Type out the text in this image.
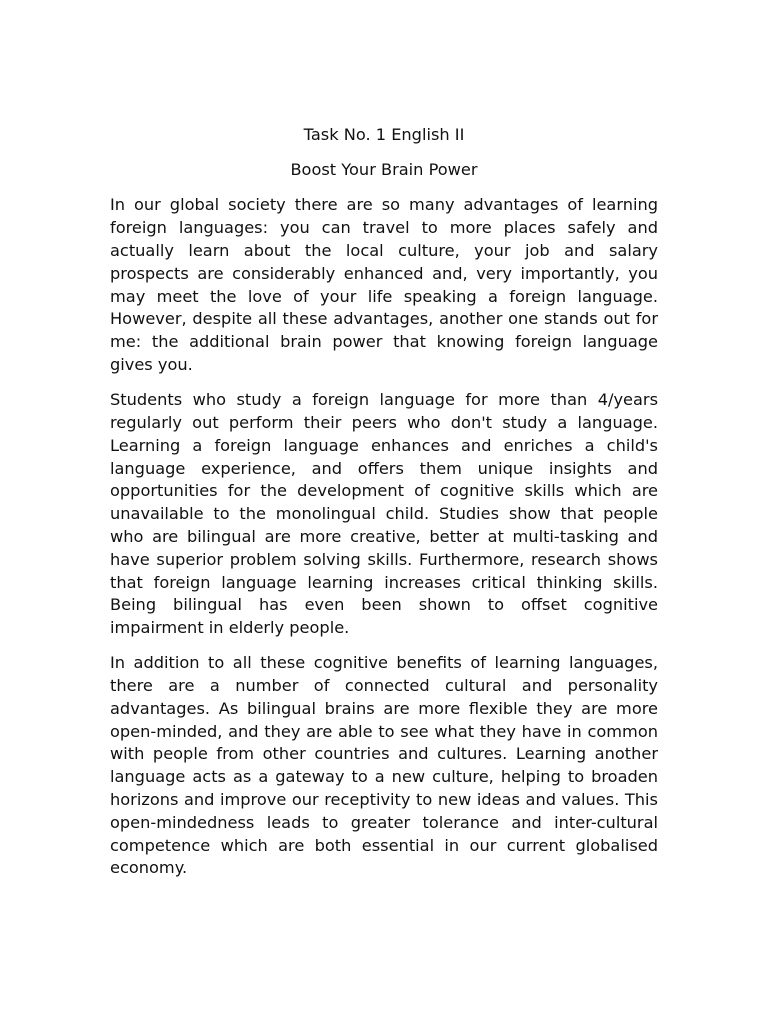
Task No. 1 English II

Boost Your Brain Power

In our global society there are so many advantages of learning foreign languages: you can travel to more places safely and actually learn about the local culture, your job and salary prospects are considerably enhanced and, very importantly, you may meet the love of your life speaking a foreign language. However, despite all these advantages, another one stands out for me: the additional brain power that knowing foreign language gives you.

Students who study a foreign language for more than 4/years regularly out perform their peers who don't study a language. Learning a foreign language enhances and enriches a child's language experience, and offers them unique insights and opportunities for the development of cognitive skills which are unavailable to the monolingual child. Studies show that people who are bilingual are more creative, better at multi-tasking and have superior problem solving skills. Furthermore, research shows that foreign language learning increases critical thinking skills. Being bilingual has even been shown to offset cognitive impairment in elderly people.

In addition to all these cognitive benefits of learning languages, there are a number of connected cultural and personality advantages. As bilingual brains are more flexible they are more open-minded, and they are able to see what they have in common with people from other countries and cultures. Learning another language acts as a gateway to a new culture, helping to broaden horizons and improve our receptivity to new ideas and values. This open-mindedness leads to greater tolerance and inter-cultural competence which are both essential in our current globalised economy.
